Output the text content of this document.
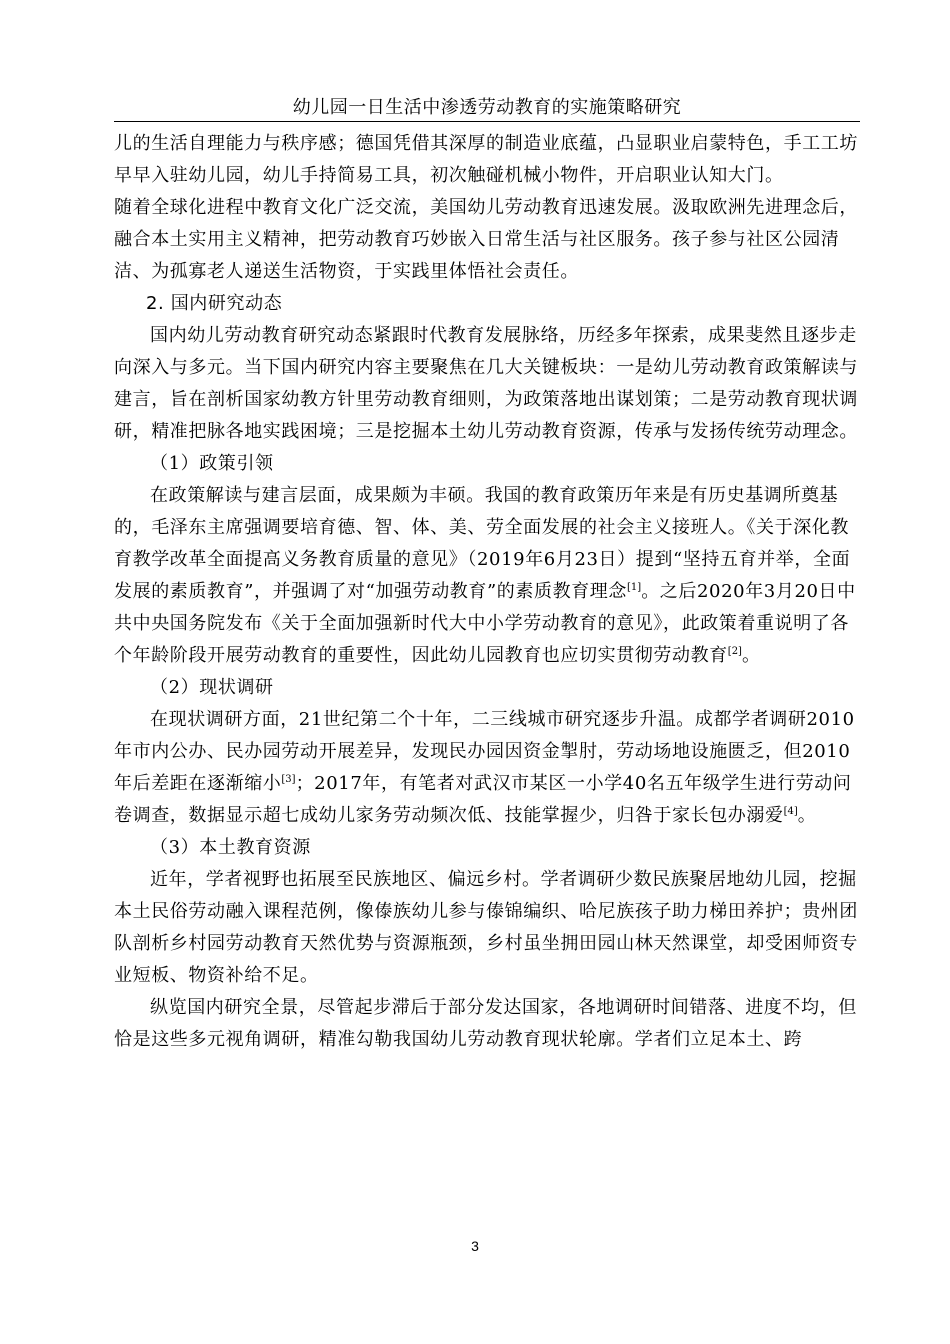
幼儿园一日生活中渗透劳动教育的实施策略研究

儿的生活自理能力与秩序感；德国凭借其深厚的制造业底蕴，凸显职业启蒙特色，手工工坊早早入驻幼儿园，幼儿手持简易工具，初次触碰机械小物件，开启职业认知大门。

随着全球化进程中教育文化广泛交流，美国幼儿劳动教育迅速发展。汲取欧洲先进理念后，融合本土实用主义精神，把劳动教育巧妙嵌入日常生活与社区服务。孩子参与社区公园清洁、为孤寡老人递送生活物资，于实践里体悟社会责任。

2. 国内研究动态

国内幼儿劳动教育研究动态紧跟时代教育发展脉络，历经多年探索，成果斐然且逐步走向深入与多元。当下国内研究内容主要聚焦在几大关键板块：一是幼儿劳动教育政策解读与建言，旨在剖析国家幼教方针里劳动教育细则，为政策落地出谋划策；二是劳动教育现状调研，精准把脉各地实践困境；三是挖掘本土幼儿劳动教育资源，传承与发扬传统劳动理念。

（1）政策引领

在政策解读与建言层面，成果颇为丰硕。我国的教育政策历年来是有历史基调所奠基的，毛泽东主席强调要培育德、智、体、美、劳全面发展的社会主义接班人。《关于深化教育教学改革全面提高义务教育质量的意见》（2019年6月23日）提到“坚持五育并举，全面发展的素质教育”，并强调了对“加强劳动教育”的素质教育理念[1]。之后2020年3月20日中共中央国务院发布《关于全面加强新时代大中小学劳动教育的意见》，此政策着重说明了各个年龄阶段开展劳动教育的重要性，因此幼儿园教育也应切实贯彻劳动教育[2]。

（2）现状调研

在现状调研方面，21世纪第二个十年，二三线城市研究逐步升温。成都学者调研2010年市内公办、民办园劳动开展差异，发现民办园因资金掣肘，劳动场地设施匮乏，但2010年后差距在逐渐缩小[3]；2017年，有笔者对武汉市某区一小学40名五年级学生进行劳动问卷调查，数据显示超七成幼儿家务劳动频次低、技能掌握少，归咎于家长包办溺爱[4]。

（3）本土教育资源

近年，学者视野也拓展至民族地区、偏远乡村。学者调研少数民族聚居地幼儿园，挖掘本土民俗劳动融入课程范例，像傣族幼儿参与傣锦编织、哈尼族孩子助力梯田养护；贵州团队剖析乡村园劳动教育天然优势与资源瓶颈，乡村虽坐拥田园山林天然课堂，却受困师资专业短板、物资补给不足。

纵览国内研究全景，尽管起步滞后于部分发达国家，各地调研时间错落、进度不均，但恰是这些多元视角调研，精准勾勒我国幼儿劳动教育现状轮廓。学者们立足本土、跨

3
